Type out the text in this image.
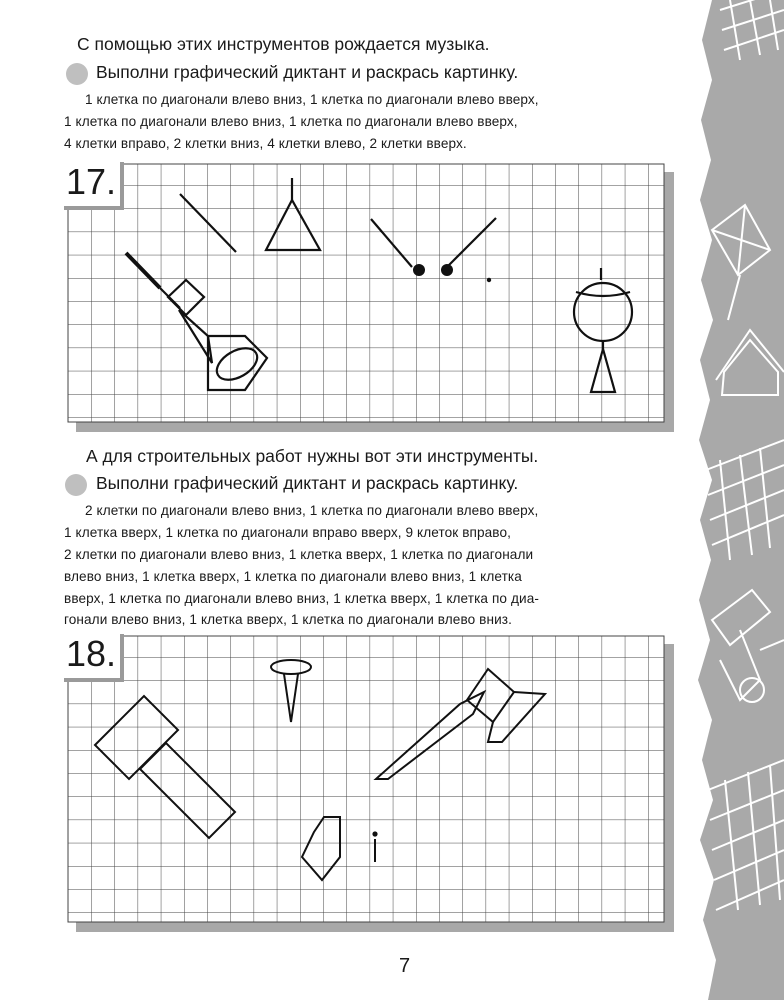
С помощью этих инструментов рождается музыка.
Выполни графический диктант и раскрась картинку.
1 клетка по диагонали влево вниз, 1 клетка по диагонали влево вверх,
1 клетка по диагонали влево вниз, 1 клетка по диагонали влево вверх,
4 клетки вправо, 2 клетки вниз, 4 клетки влево, 2 клетки вверх.
17.
А для строительных работ нужны вот эти инструменты.
Выполни графический диктант и раскрась картинку.
2 клетки по диагонали влево вниз, 1 клетка по диагонали влево вверх,
1 клетка вверх, 1 клетка по диагонали вправо вверх, 9 клеток вправо,
2 клетки по диагонали влево вниз, 1 клетка вверх, 1 клетка по диагонали
влево вниз, 1 клетка вверх, 1 клетка по диагонали влево вниз, 1 клетка
вверх, 1 клетка по диагонали влево вниз, 1 клетка вверх, 1 клетка по диа-
гонали влево вниз, 1 клетка вверх, 1 клетка по диагонали влево вниз.
18.
7
